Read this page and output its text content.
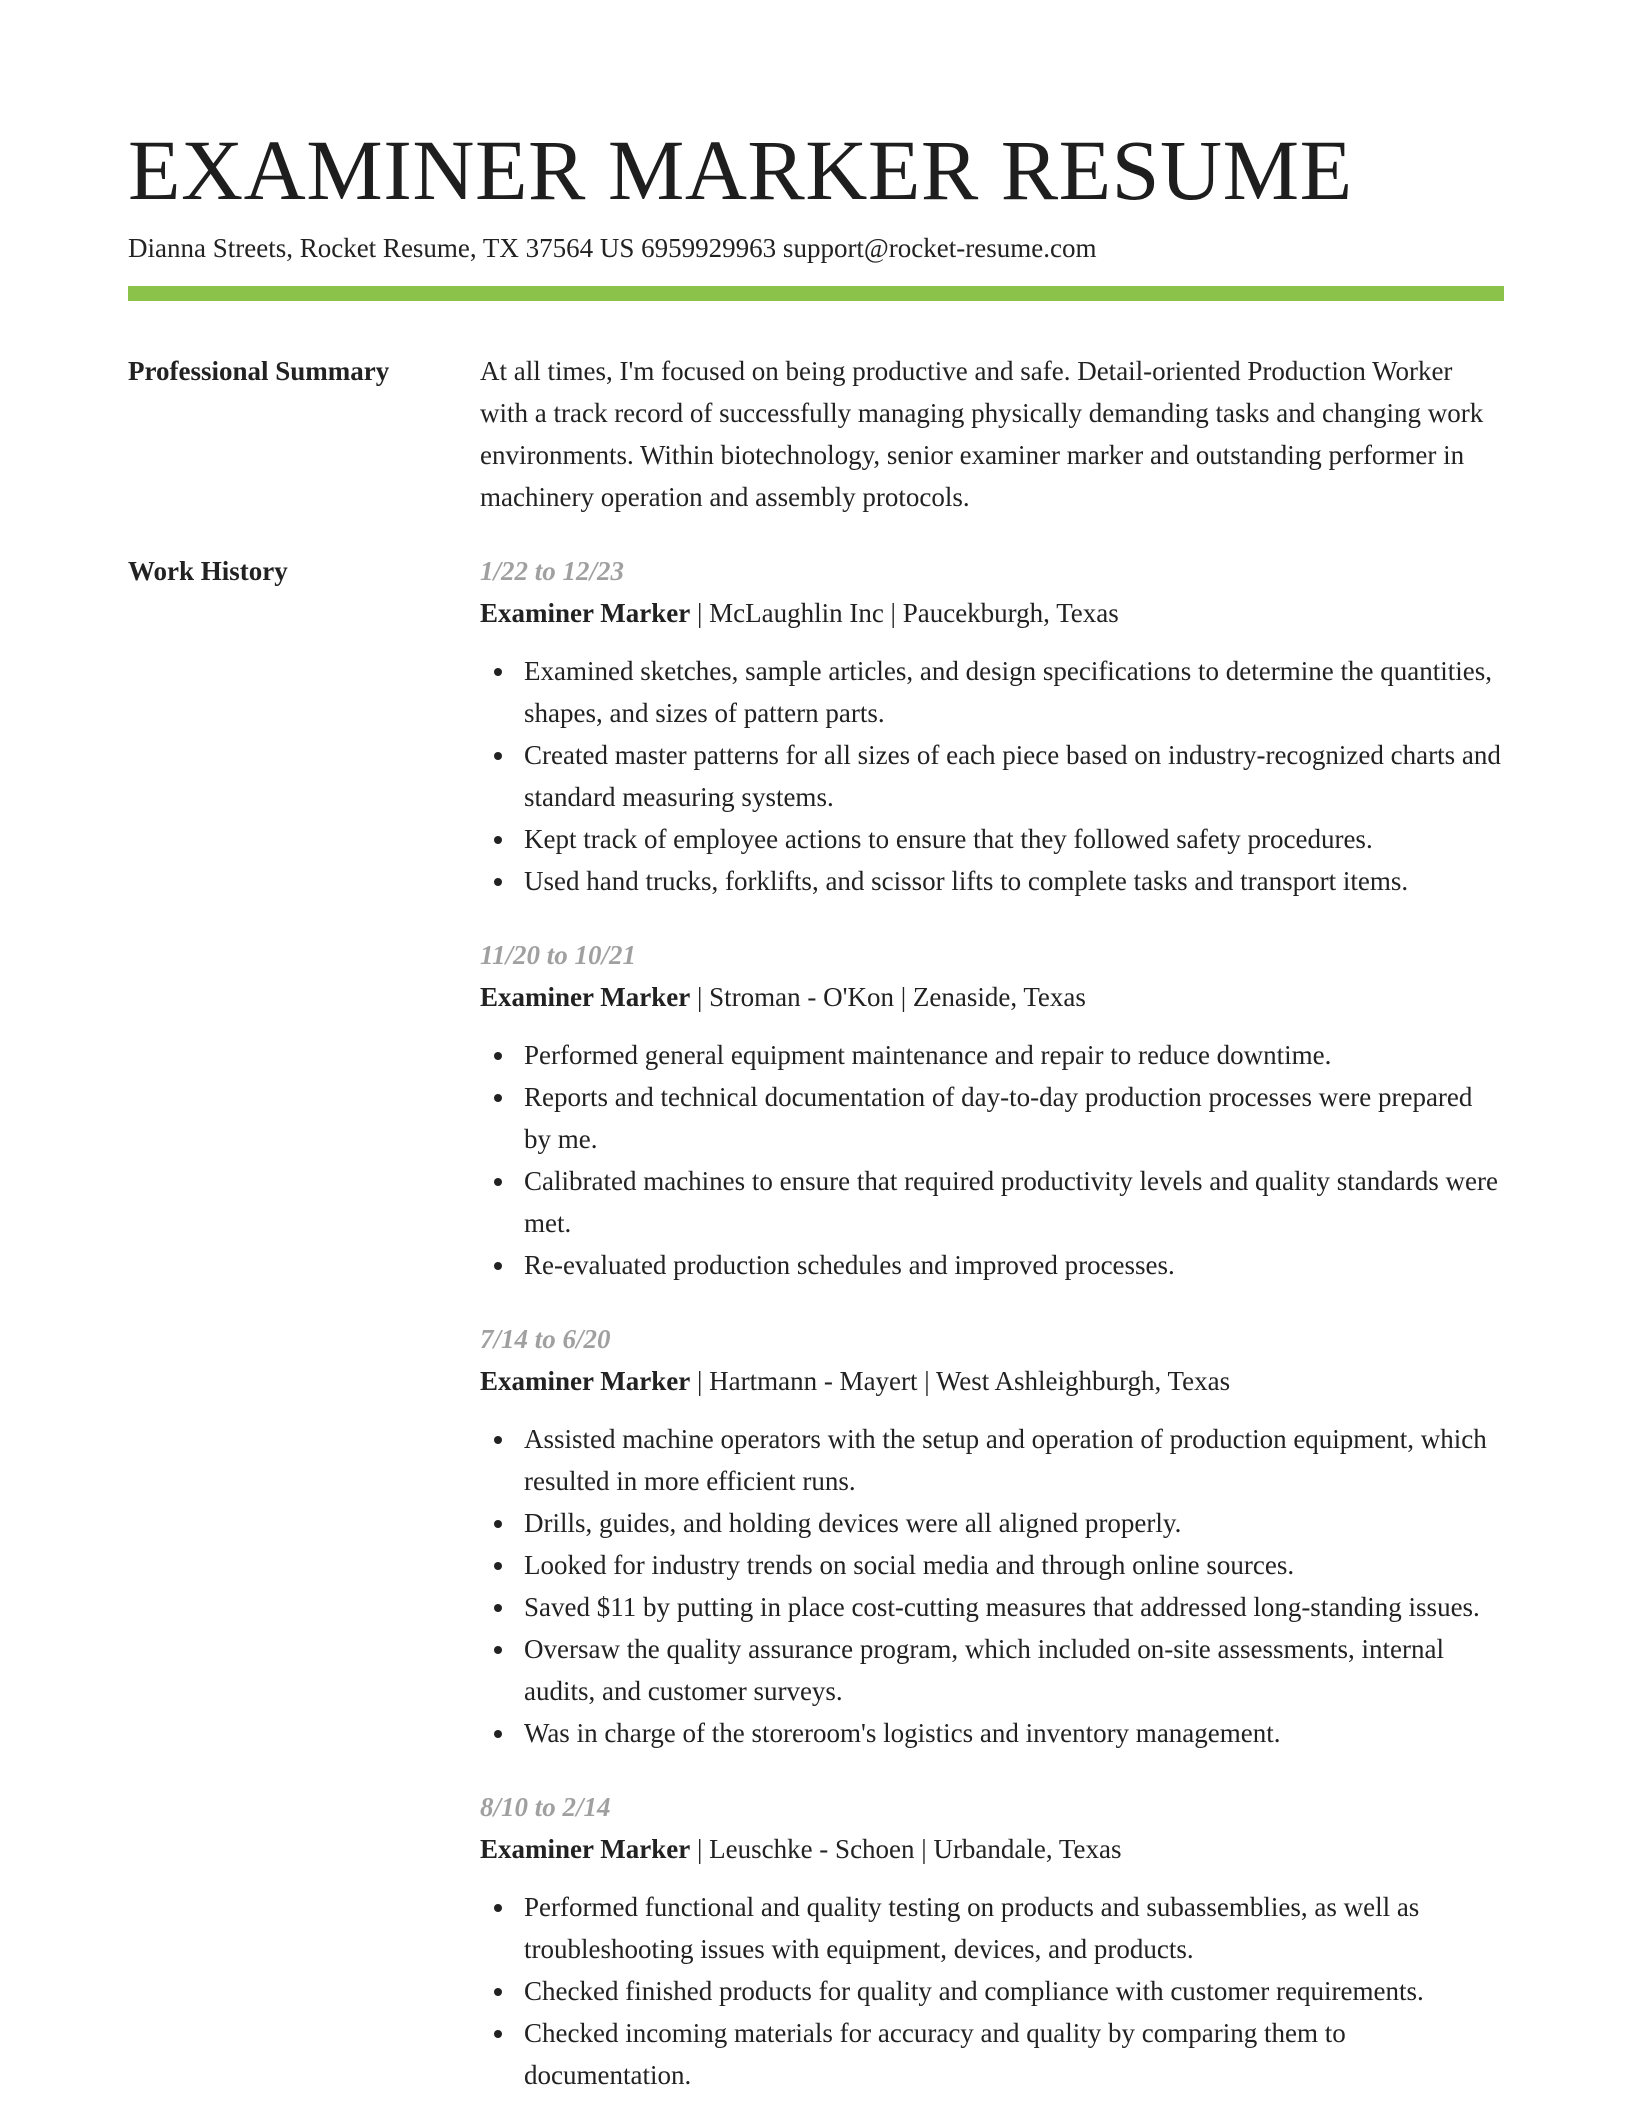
EXAMINER MARKER RESUME
Dianna Streets, Rocket Resume, TX 37564 US 6959929963 support@rocket-resume.com
Professional Summary	At all times, I'm focused on being productive and safe. Detail-oriented Production Worker with a track record of successfully managing physically demanding tasks and changing work environments. Within biotechnology, senior examiner marker and outstanding performer in machinery operation and assembly protocols.

Work History	1/22 to 12/23
Examiner Marker | McLaughlin Inc | Paucekburgh, Texas
Examined sketches, sample articles, and design specifications to determine the quantities, shapes, and sizes of pattern parts.
Created master patterns for all sizes of each piece based on industry-recognized charts and standard measuring systems.
Kept track of employee actions to ensure that they followed safety procedures.
Used hand trucks, forklifts, and scissor lifts to complete tasks and transport items.
11/20 to 10/21
Examiner Marker | Stroman - O'Kon | Zenaside, Texas
Performed general equipment maintenance and repair to reduce downtime.
Reports and technical documentation of day-to-day production processes were prepared by me.
Calibrated machines to ensure that required productivity levels and quality standards were met.
Re-evaluated production schedules and improved processes.
7/14 to 6/20
Examiner Marker | Hartmann - Mayert | West Ashleighburgh, Texas
Assisted machine operators with the setup and operation of production equipment, which resulted in more efficient runs.
Drills, guides, and holding devices were all aligned properly.
Looked for industry trends on social media and through online sources.
Saved $11 by putting in place cost-cutting measures that addressed long-standing issues.
Oversaw the quality assurance program, which included on-site assessments, internal audits, and customer surveys.
Was in charge of the storeroom's logistics and inventory management.
8/10 to 2/14
Examiner Marker | Leuschke - Schoen | Urbandale, Texas
Performed functional and quality testing on products and subassemblies, as well as troubleshooting issues with equipment, devices, and products.
Checked finished products for quality and compliance with customer requirements.
Checked incoming materials for accuracy and quality by comparing them to documentation.
